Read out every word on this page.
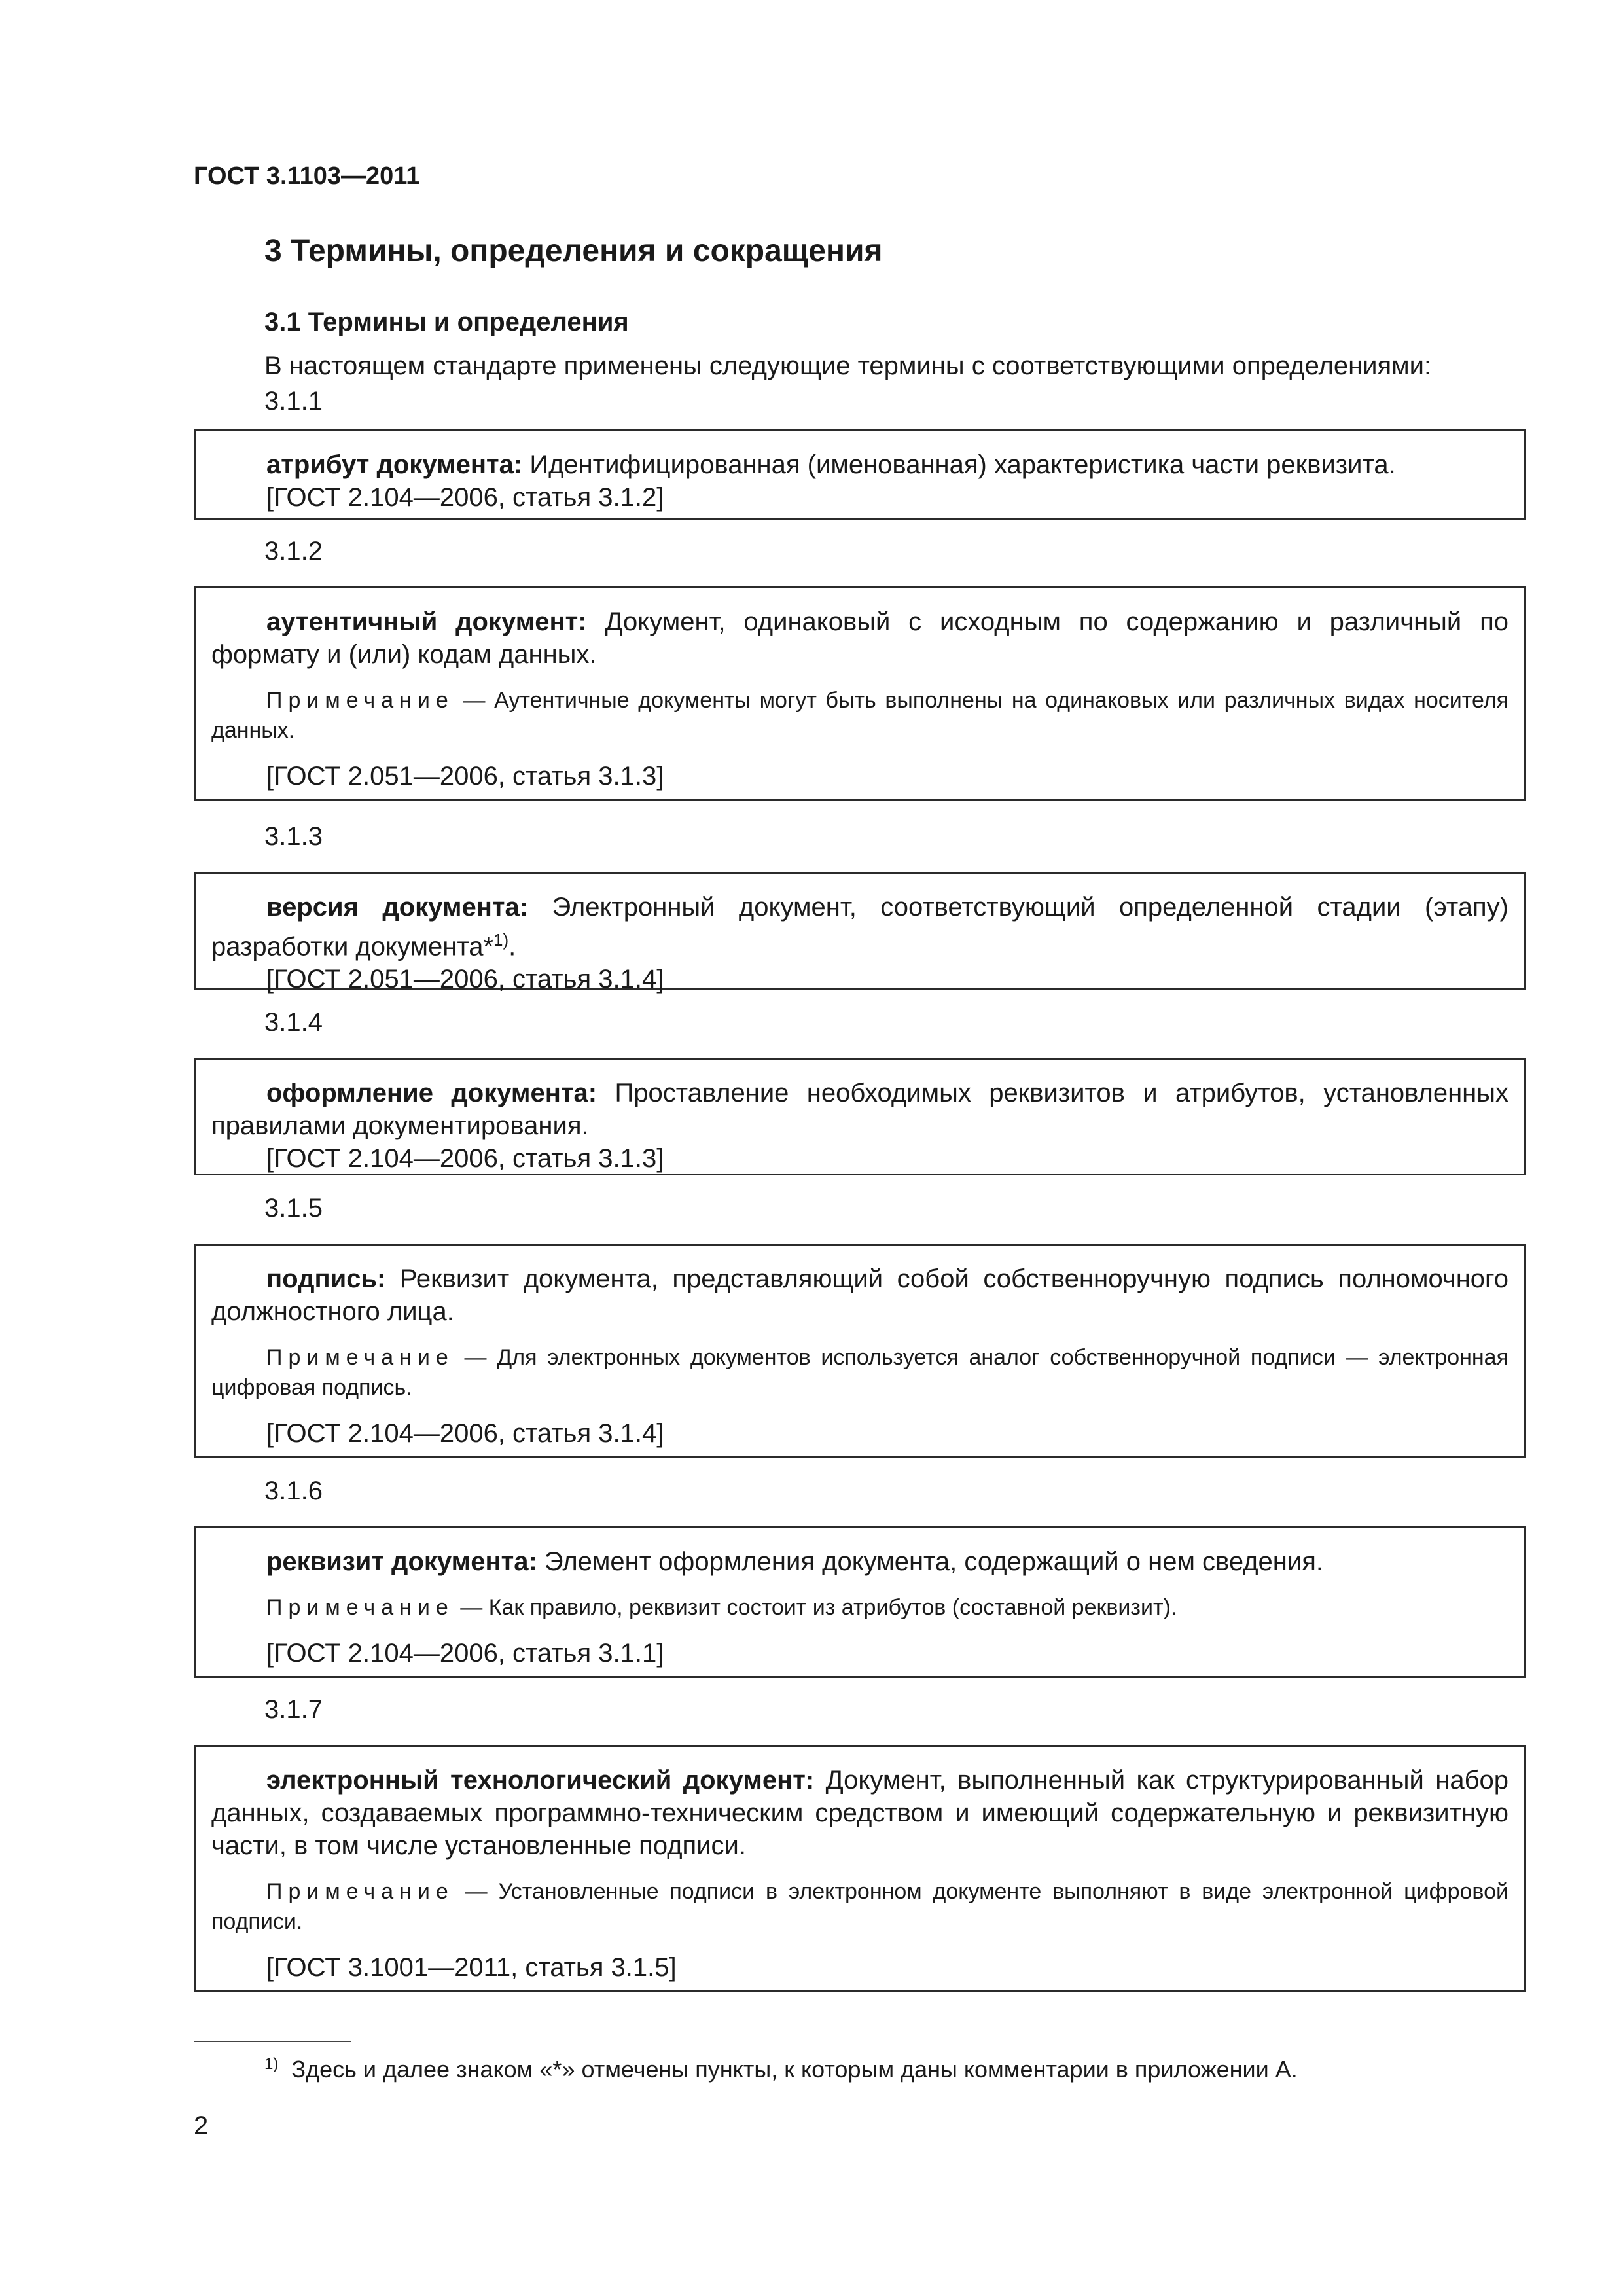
ГОСТ 3.1103—2011
3 Термины, определения и сокращения
3.1 Термины и определения
В настоящем стандарте применены следующие термины с соответствующими определениями:
3.1.1

атрибут документа: Идентифицированная (именованная) характеристика части реквизита.

[ГОСТ 2.104—2006, статья 3.1.2]
3.1.2

аутентичный документ: Документ, одинаковый с исходным по содержанию и различный по формату и (или) кодам данных.

Примечание — Аутентичные документы могут быть выполнены на одинаковых или различных видах носителя данных.
[ГОСТ 2.051—2006, статья 3.1.3]
3.1.3

версия документа: Электронный документ, соответствующий определенной стадии (этапу) разработки документа*$^{1)}$.

[ГОСТ 2.051—2006, статья 3.1.4]
3.1.4

оформление документа: Проставление необходимых реквизитов и атрибутов, установленных правилами документирования.

[ГОСТ 2.104—2006, статья 3.1.3]
3.1.5

подпись: Реквизит документа, представляющий собой собственноручную подпись полномочного должностного лица.

Примечание — Для электронных документов используется аналог собственноручной подписи — электронная цифровая подпись.
[ГОСТ 2.104—2006, статья 3.1.4]
3.1.6

реквизит документа: Элемент оформления документа, содержащий о нем сведения.

Примечание — Как правило, реквизит состоит из атрибутов (составной реквизит).
[ГОСТ 2.104—2006, статья 3.1.1]
3.1.7

электронный технологический документ: Документ, выполненный как структурированный набор данных, создаваемых программно-техническим средством и имеющий содержательную и реквизитную части, в том числе установленные подписи.

Примечание — Установленные подписи в электронном документе выполняют в виде электронной цифровой подписи.
[ГОСТ 3.1001—2011, статья 3.1.5]
$^{1)}$ Здесь и далее знаком «*» отмечены пункты, к которым даны комментарии в приложении А.
2
